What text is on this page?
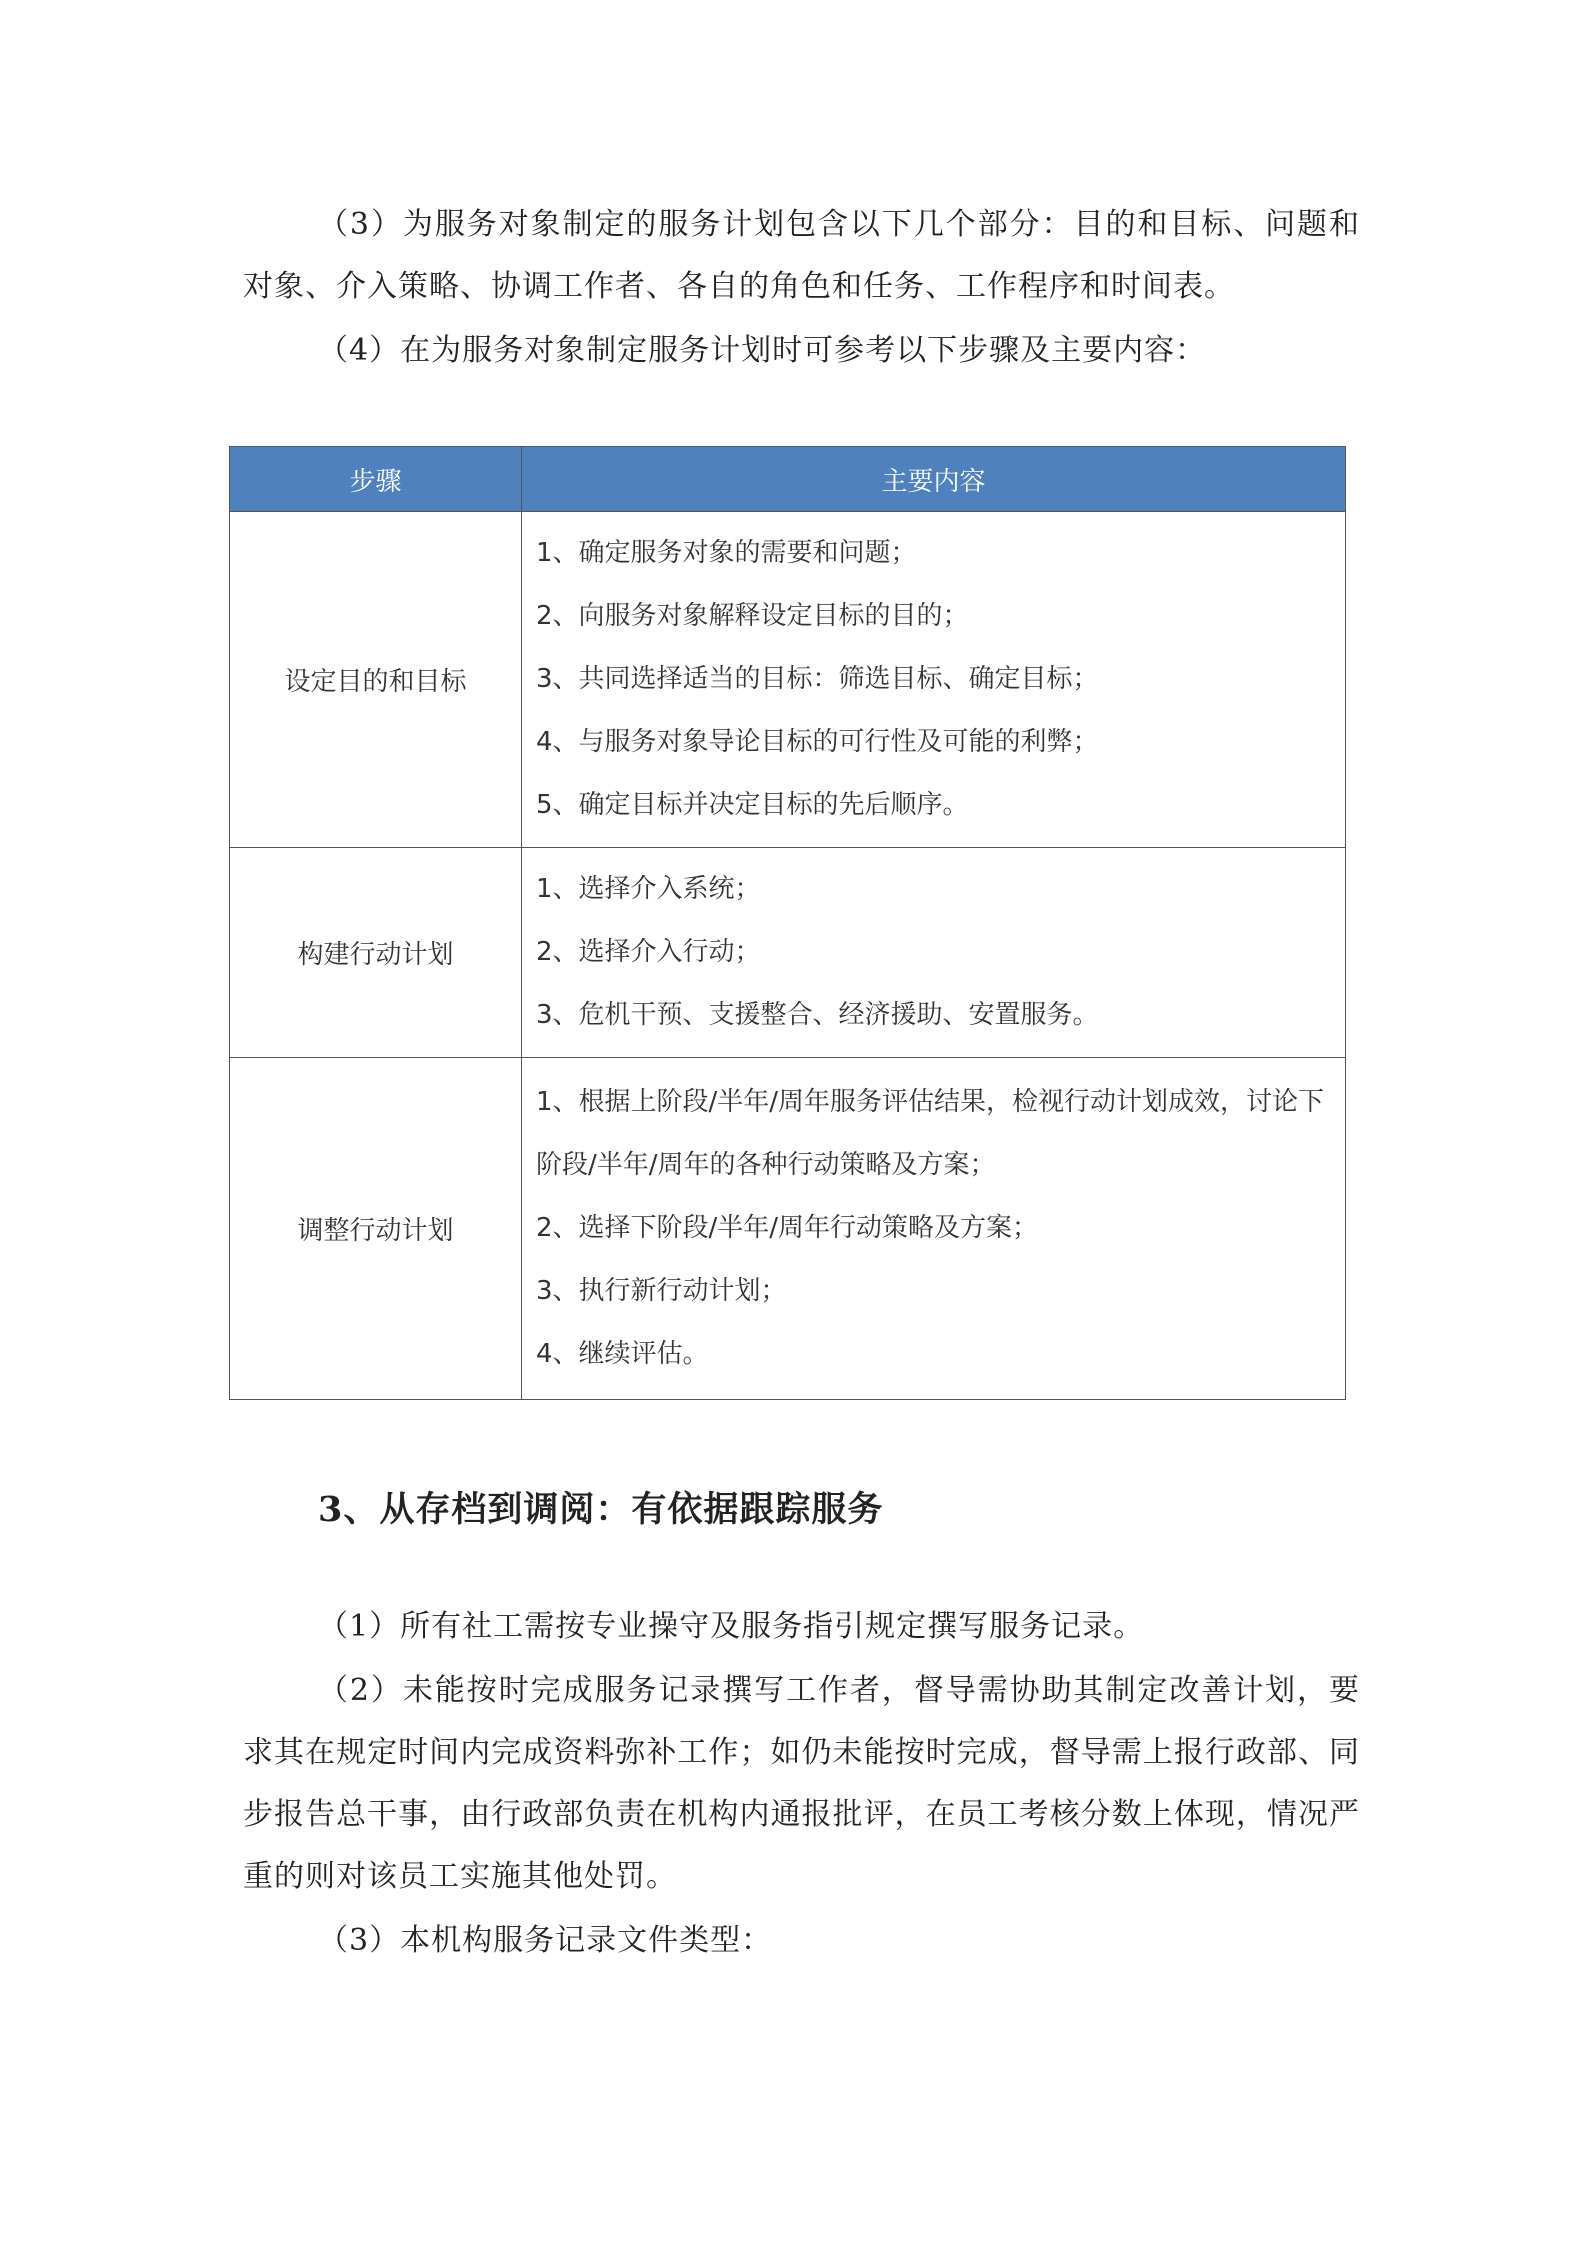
（3）为服务对象制定的服务计划包含以下几个部分：目的和目标、问题和对象、介入策略、协调工作者、各自的角色和任务、工作程序和时间表。

（4）在为服务对象制定服务计划时可参考以下步骤及主要内容：

步骤	主要内容
设定目的和目标	1、确定服务对象的需要和问题；
2、向服务对象解释设定目标的目的；
3、共同选择适当的目标：筛选目标、确定目标；
4、与服务对象导论目标的可行性及可能的利弊；
5、确定目标并决定目标的先后顺序。

构建行动计划	1、选择介入系统；
2、选择介入行动；
3、危机干预、支援整合、经济援助、安置服务。

调整行动计划	1、根据上阶段/半年/周年服务评估结果，检视行动计划成效，讨论下阶段/半年/周年的各种行动策略及方案；
2、选择下阶段/半年/周年行动策略及方案；
3、执行新行动计划；
4、继续评估。
3、从存档到调阅：有依据跟踪服务

（1）所有社工需按专业操守及服务指引规定撰写服务记录。

（2）未能按时完成服务记录撰写工作者，督导需协助其制定改善计划，要求其在规定时间内完成资料弥补工作；如仍未能按时完成，督导需上报行政部、同步报告总干事，由行政部负责在机构内通报批评，在员工考核分数上体现，情况严重的则对该员工实施其他处罚。

（3）本机构服务记录文件类型：
